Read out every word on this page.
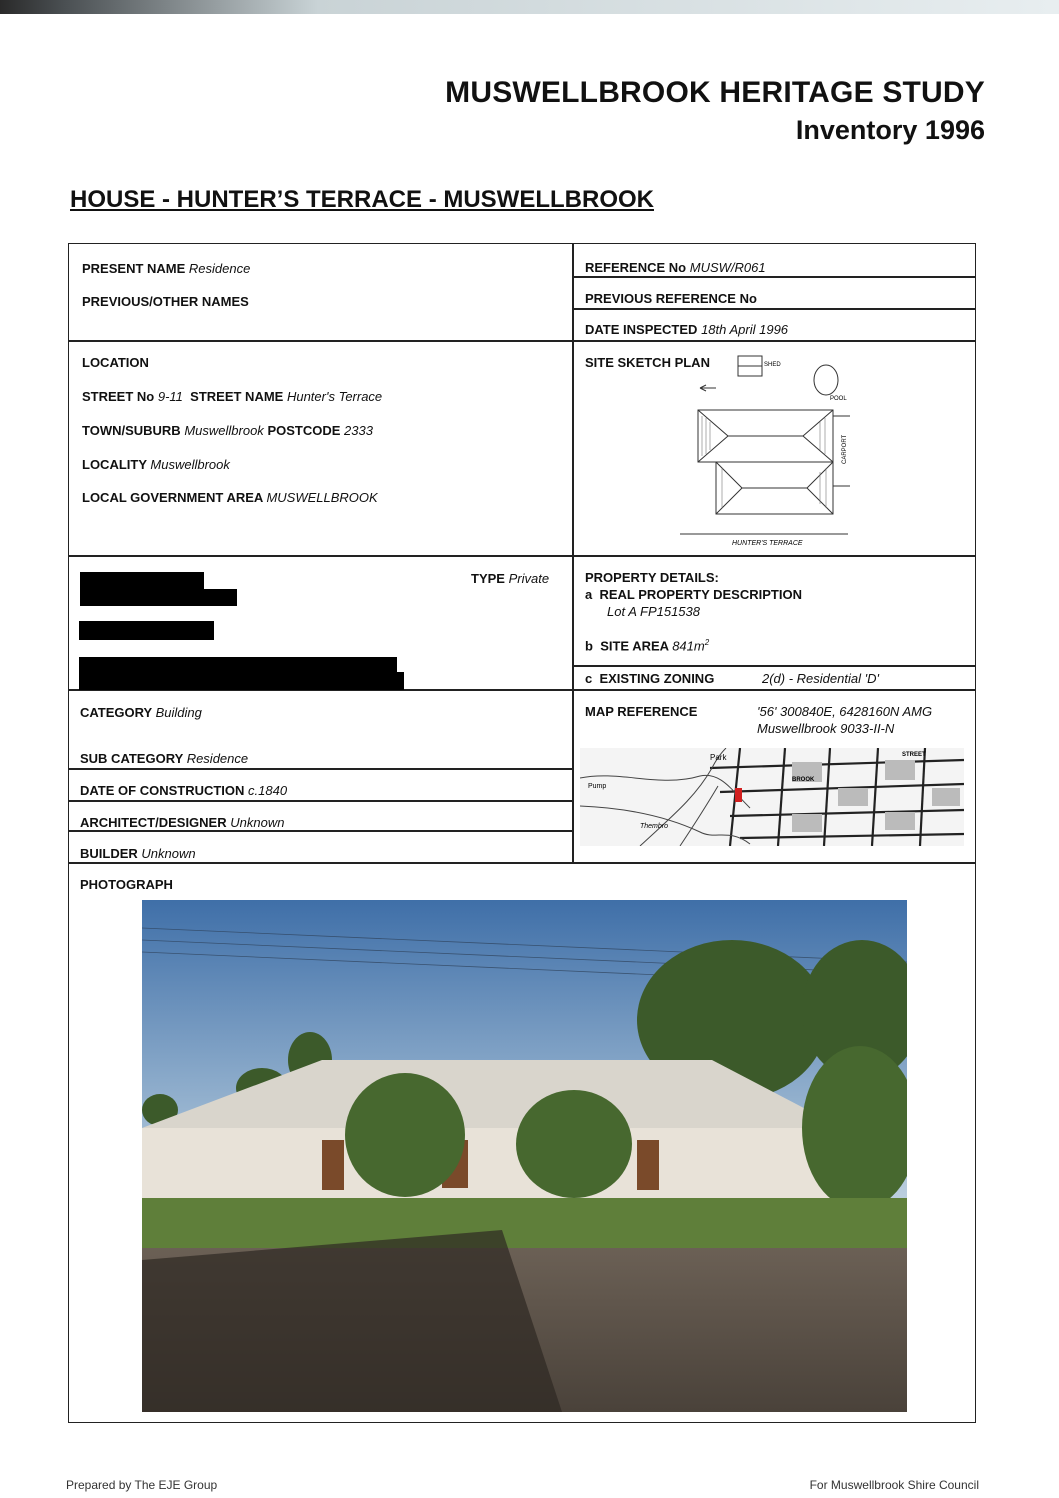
MUSWELLBROOK HERITAGE STUDY
Inventory 1996
HOUSE - HUNTER’S TERRACE - MUSWELLBROOK
PRESENT NAME Residence
PREVIOUS/OTHER NAMES
REFERENCE No MUSW/R061
PREVIOUS REFERENCE No
DATE INSPECTED 18th April 1996
LOCATION
STREET No 9-11 STREET NAME Hunter's Terrace
TOWN/SUBURB Muswellbrook POSTCODE 2333
LOCALITY Muswellbrook
LOCAL GOVERNMENT AREA MUSWELLBROOK
SITE SKETCH PLAN	SHED
POOL
CARPORT
HUNTER'S TERRACE
TYPE Private	PROPERTY DETAILS:
a REAL PROPERTY DESCRIPTION
Lot A FP151538
b SITE AREA $841m^2$
c EXISTING ZONING	2(d) - Residential 'D'
CATEGORY Building
SUB CATEGORY Residence
DATE OF CONSTRUCTION c.1840
ARCHITECT/DESIGNER Unknown
BUILDER Unknown
MAP REFERENCE	'56' 300840E, 6428160N AMG
Muswellbrook 9033-II-N
Pump
Park	STREET
BROOK
Thembro
PHOTOGRAPH
Prepared by The EJE Group	For Muswellbrook Shire Council
